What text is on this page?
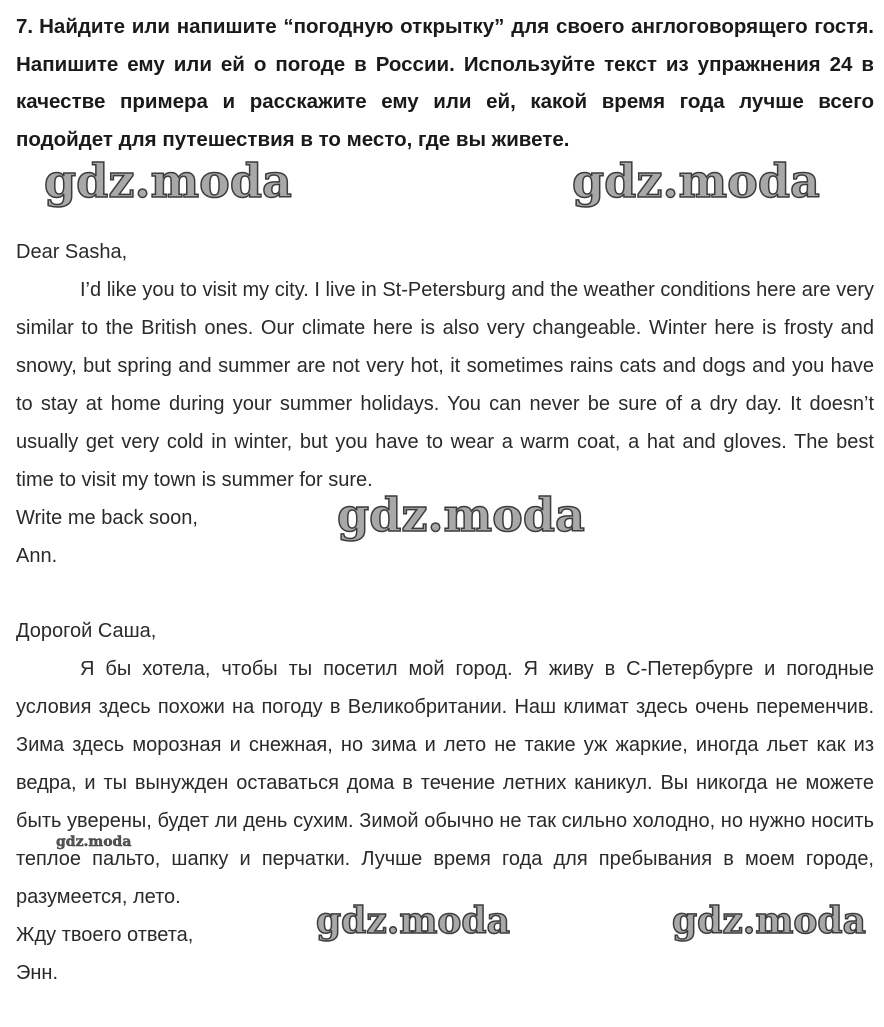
7. Найдите или напишите “погодную открытку” для своего англоговорящего гостя. Напишите ему или ей о погоде в России. Используйте текст из упражнения 24 в качестве примера и расскажите ему или ей, какой время года лучше всего подойдет для путешествия в то место, где вы живете.

Dear Sasha,

I’d like you to visit my city. I live in St-Petersburg and the weather conditions here are very similar to the British ones. Our climate here is also very changeable. Winter here is frosty and snowy, but spring and summer are not very hot, it sometimes rains cats and dogs and you have to stay at home during your summer holidays. You can never be sure of a dry day. It doesn’t usually get very cold in winter, but you have to wear a warm coat, a hat and gloves. The best time to visit my town is summer for sure.

Write me back soon,

Ann.

Дорогой Саша,

Я бы хотела, чтобы ты посетил мой город. Я живу в С-Петербурге и погодные условия здесь похожи на погоду в Великобритании. Наш климат здесь очень переменчив. Зима здесь морозная и снежная, но зима и лето не такие уж жаркие, иногда льет как из ведра, и ты вынужден оставаться дома в течение летних каникул. Вы никогда не можете быть уверены, будет ли день сухим. Зимой обычно не так сильно холодно, но нужно носить теплое пальто, шапку и перчатки. Лучше время года для пребывания в моем городе, разумеется, лето.

Жду твоего ответа,

Энн.

gdz.moda	gdz.moda
gdz.moda
gdz.moda
gdz.moda	gdz.moda
